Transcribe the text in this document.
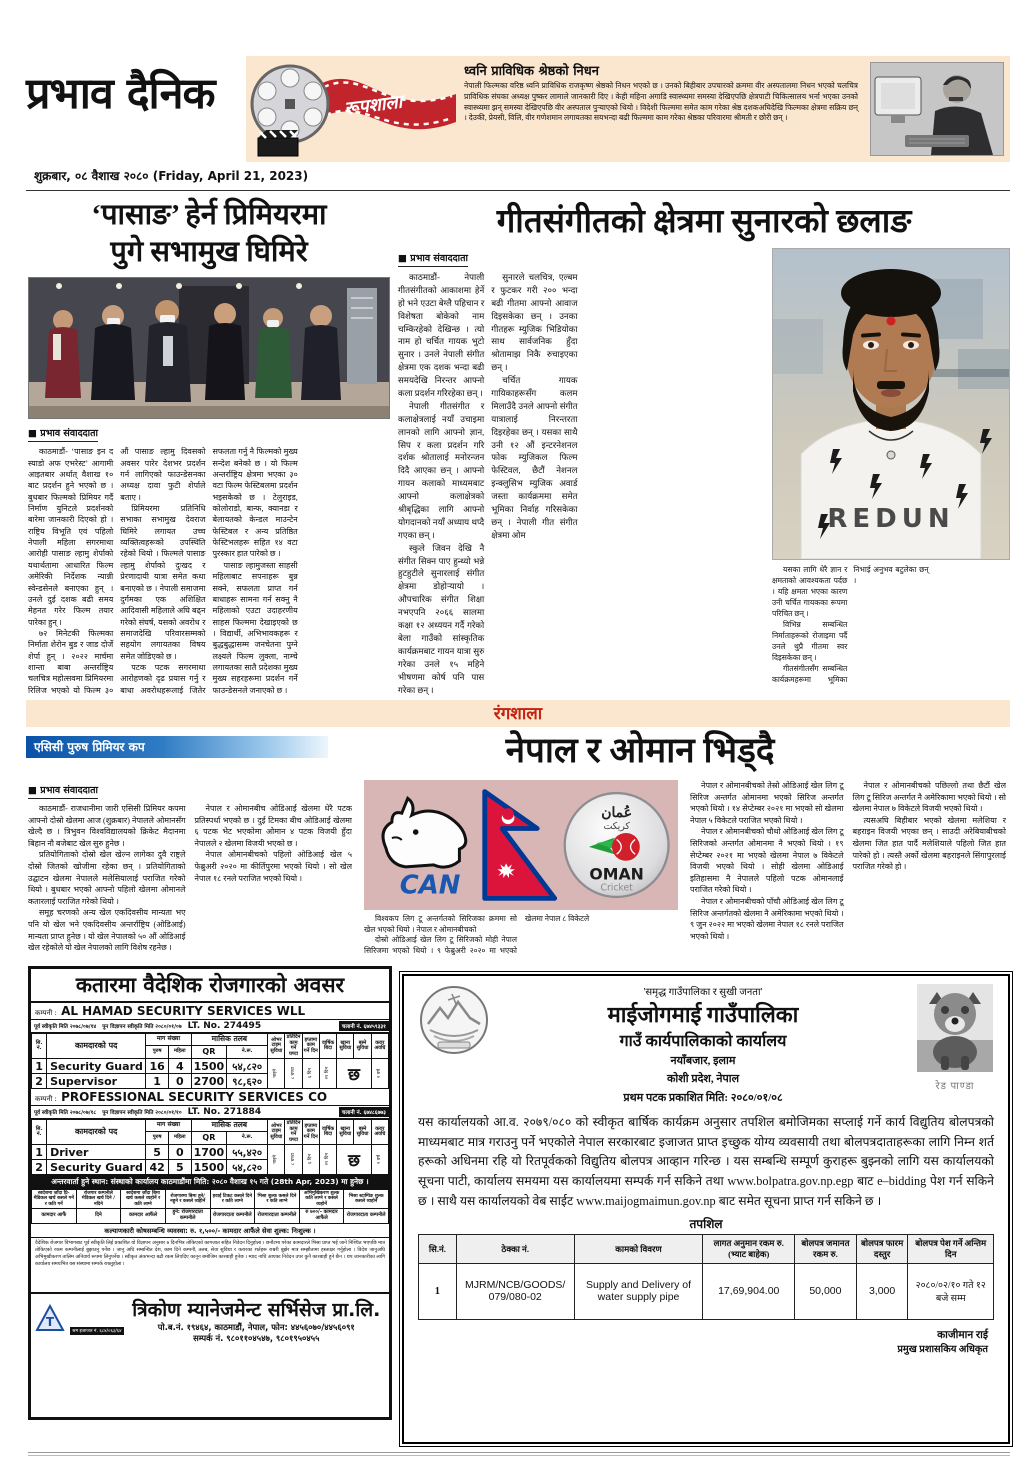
प्रभाव दैनिक	रूपशाला
ध्वनि प्राविधिक श्रेष्ठको निधन

नेपाली फिल्मका वरिष्ठ ध्वनि प्राविधिक राजकृष्ण श्रेष्ठको निधन भएको छ । उनको बिहीबार उपचारको क्रममा वीर अस्पतालमा निधन भएको चलचित्र प्राविधिक संघका अध्यक्ष पुष्कर लामाले जानकारी दिए । केही महिना अगाडि स्वास्थ्यमा समस्या देखिएपछि क्षेत्रपाटी चिकित्सालय भर्ना भएका उनको स्वास्थ्यमा झन् समस्या देखिएपछि वीर अस्पताल पुऱ्याएको थियो । विदेशी फिल्ममा समेत काम गरेका श्रेष्ठ दशकअघिदेखि फिल्मका क्षेत्रमा सक्रिय छन् । देउकी, प्रेयसी, विलि, वीर गणेशमान लगायतका सयभन्दा बढी फिल्ममा काम गरेका श्रेष्ठका परिवारमा श्रीमती र छोरी छन् ।

शुक्रबार, ०८ वैशाख २०८० (Friday, April 21, 2023)
‘पासाङ’ हेर्न प्रिमियरमा
पुगे सभामुख घिमिरे
■ प्रभाव संवाददाता

काठमाडौं- ‘पासाङ इन द स्याडो अफ एभरेस्ट’ आगामी आइतबार अर्थात् वैशाख १० बाट प्रदर्शन हुने भएको छ । बुधबार फिल्मको प्रिमियर गर्दै निर्माण युनिटले प्रदर्शनको बारेमा जानकारी दिएको हो । राष्ट्रिय विभूति एवं पहिलो नेपाली महिला सगरमाथा आरोही पासाङ ल्हामु शेर्पाको यथार्थतामा आधारित फिल्म अमेरिकी निर्देशक न्यान्नी स्वेन्डसेनले बनाएका हुन् । उनले दुई दशक बढी समय मेहनत गरेर फिल्म तयार पारेका हुन् ।

७२ मिनेटकी फिल्मका निर्माता शेरोन बुड र जाड दोर्जे शेर्पा हुन् । २०२२ मार्चमा शान्ता बाबा अन्तर्राष्ट्रिय चलचित्र महोत्सवमा प्रिमियरमा रिलिज भएको यो फिल्म ३० औं पासाङ ल्हामु दिवसको अवसर पारेर देशभर प्रदर्शन गर्न लागिएको फाउन्डेसनका अध्यक्ष दावा फुटी शेर्पाले बताए ।

प्रिमियरमा प्रतिनिधि सभाका सभामुख देवराज घिमिरे लगायत उच्च व्यक्तित्वहरूको उपस्थिति रहेको थियो । फिल्मले पासाङ ल्हामु शेर्पाको दुःखद र प्रेरणादायी यात्रा समेत कथा बनाएको छ । नेपाली समाजमा दुर्गमका एक अशिक्षित आदिवासी महिलाले अघि बढ्न गरेको संघर्ष, यसको अवरोध र समाजदेखि परिवारसम्मको सहयोग लगायतका विषय समेत जोडिएको छ ।

पटक पटक सगरमाथा आरोहणको दृढ प्रयास गर्नु र बाधा अवरोधहरूलाई जितेर सफलता गर्नु नै फिल्मको मुख्य सन्देश बनेको छ । यो फिल्म अन्तर्राष्ट्रिय क्षेत्रमा भएका ३० वटा फिल्म फेस्टिबलमा प्रदर्शन भइसकेको छ । टेलुराइड, कोलोराडो, बान्फ, क्यानडा र बेलायतको केन्डल माउन्टेन फेस्टिबल र अन्य प्रतिष्ठित फेस्टिभलहरू सहित १४ वटा पुरस्कार हात पारेको छ ।

पासाङ ल्हामुजस्ता साहसी महिलाबाट सपनाहरू बुन्न सक्ने, सफलता प्राप्त गर्न बाधाहरू सामना गर्न सक्नु नै महिलाको एउटा उदाहरणीय साहस फिल्ममा देखाइएको छ । विद्यार्थी, अभिभावकहरू र बुद्धबुद्धासम्म जनचेतना पुग्ने लक्ष्यले फिल्म लुक्ला, नाम्चे लगायतका सातै प्रदेशका मुख्य मुख्य सहरहरूमा प्रदर्शन गर्ने फाउन्डेसनले जनाएको छ ।

गीतसंगीतको क्षेत्रमा सुनारको छलाङ
■ प्रभाव संवाददाता

काठमाडौं- नेपाली गीतसंगीतको आकाशमा हेर्ने हो भने एउटा बेग्लै पहिचान र विशेषता बोकेको नाम चम्किरहेको देखिन्छ । त्यो नाम हो चर्चित गायक भुटो सुनार । उनले नेपाली संगीत क्षेत्रमा एक दशक भन्दा बढी समयदेखि निरन्तर आफ्नो कला प्रदर्शन गरिरहेका छन् ।

नेपाली गीतसंगीत र कलाक्षेत्रलाई नयाँ उचाइमा लानको लागि आफ्नो ज्ञान, सिप र कला प्रदर्शन गरि दर्शक श्रोतालाई मनोरन्जन दिदै आएका छन् । आफ्नो गायन कलाको माध्यमबाट आफ्नो कलाक्षेत्रको श्रीबृद्धिका लागि आफ्नो योगदानको नयाँ अध्याय थप्दै गएका छन् ।

स्कुले जिवन देखि नै संगीत सिक्न पाए हुन्थ्यो भन्ने हुटहुटीले सुनारलाई संगीत क्षेत्रमा डोहोऱ्यायो । औपचारिक संगीत शिक्षा नभएपनि २०६६ सालमा कक्षा १२ अध्ययन गर्दै गरेको बेला गाउँको सांस्कृतिक कार्यक्रमबाट गायन यात्रा सुरु गरेका उनले १५ महिने भीषणमा कोर्ष पनि पास गरेका छन् ।

सुनारले चलचित्र, एल्बम र फुटकर गरी २०० भन्दा बढी गीतमा आफ्नो आवाज दिइसकेका छन् । उनका गीतहरू म्युजिक भिडियोका साथ सार्वजनिक हुँदा श्रोतामाझ निकै रुचाइएका छन् ।

चर्चित गायक गायिकाहरूसँग कलम मिलाउँदै उनले आफ्नो संगीत यात्रालाई निरन्तरता दिइरहेका छन् । यसका साथै उनी १२ औं इन्टरनेशनल फोक म्युजिकल फिल्म फेस्टिवल, छैटौं नेशनल इन्क्लुसिभ म्युजिक अवार्ड जस्ता कार्यक्रममा समेत भूमिका निर्वाह गरिसकेका छन् । नेपाली गीत संगीत क्षेत्रमा ओम

REDUN

यसका लागि धेरै ज्ञान र क्षमताको आवश्यकता पर्दछ । यहि क्षमता भएका कारण उनी चर्चित गायकका रूपमा परिचित छन् ।

विभिन्न सम्बन्धित निर्माताहरूको रोजाइमा पर्दै उनले थुप्रै गीतमा स्वर दिइसकेका छन् ।

गीतसंगीतसँग सम्बन्धित कार्यक्रमहरूमा भूमिका निभाई अनुभव बटुलेका छन् ।

रंगशाला
एसिसी पुरुष प्रिमियर कप	नेपाल र ओमान भिड्दै
■ प्रभाव संवाददाता

काठमाडौं- राजधानीमा जारी एसिसी प्रिमियर कपमा आफ्नो दोस्रो खेलमा आज (शुक्रबार) नेपालले ओमानसँग खेल्दै छ । त्रिभुवन विश्वविद्यालयको क्रिकेट मैदानमा बिहान नौ बजेबाट खेल सुरु हुनेछ ।

प्रतियोगिताको दोस्रो खेल खेल्न लागेका दुवै राष्ट्रले दोस्रो जितको खोजीमा रहेका छन् । प्रतियोगिताको उद्घाटन खेलमा नेपालले मलेसियालाई पराजित गरेको थियो । बुधबार भएको आफ्नो पहिलो खेलमा ओमानले कतारलाई पराजित गरेको थियो ।

समूह चरणको अन्य खेल एकदिवसीय मान्यता भए पनि यो खेल भने एकदिवसीय अन्तर्राष्ट्रिय (ओडिआई) मान्यता प्राप्त हुनेछ । यो खेल नेपालको ५० औं ओडिआई खेल रहेकोले यो खेल नेपालको लागि विशेष रहनेछ ।

नेपाल र ओमानबीच ओडिआई खेलमा धेरै पटक प्रतिस्पर्धा भएको छ । दुई टिमका बीच ओडिआई खेलमा ६ पटक भेट भएकोमा ओमान ४ पटक विजयी हुँदा नेपालले २ खेलमा विजयी भएको छ ।

नेपाल ओमानबीचको पहिलो ओडिआई खेल ५ फेब्रुअरी २०२० मा कीर्तिपुरमा भएको थियो । सो खेल नेपाल १८ रनले पराजित भएको थियो ।	CAN
عُمان
كريكت
OMAN
Cricket

विश्वकप लिग टू अन्तर्गतको सिरिजका क्रममा सो खेल भएको थियो । नेपाल र ओमानबीचको

दोस्रो ओडिआई खेल लिग टू सिरिजको मोही नेपाल सिरिजमा भएको थियो । ९ फेब्रुअरी २०२० मा भएको खेलमा नेपाल ८ विकेटले

नेपाल र ओमानबीचको तेस्रो ओडिआई खेल लिग टू सिरिज अन्तर्गत ओमानमा भएको सिरिज अन्तर्गत भएको थियो । १४ सेप्टेम्बर २०२१ मा भएको सो खेलमा नेपाल ५ विकेटले पराजित भएको थियो ।

नेपाल र ओमानबीचको चौथो ओडिआई खेल लिग टू सिरिजको अन्तर्गत ओमानमा नै भएको थियो । १९ सेप्टेम्बर २०२१ मा भएको खेलमा नेपाल ७ विकेटले विजयी भएको थियो । सोही खेलमा ओडिआई इतिहासमा नै नेपालले पहिलो पटक ओमानलाई पराजित गरेको थियो ।

नेपाल र ओमानबीचको पाँचौ ओडिआई खेल लिग टू सिरिज अन्तर्गतको खेलमा नै अमेरिकामा भएको थियो । ९ जुन २०२२ मा भएको खेलमा नेपाल १८ रनले पराजित भएको थियो ।

नेपाल र ओमानबीचको पछिल्लो तथा छैटौं खेल लिग टू सिरिज अन्तर्गत नै अमेरिकामा भएको थियो । सो खेलमा नेपाल ७ विकेटले विजयी भएको थियो ।

त्यसअघि बिहीबार भएको खेलमा मलेशिया र बहराइन विजयी भएका छन् । साउदी अरेबियाबीचको खेलमा जित हात पार्दै मलेशियाले पहिलो जित हात पारेको हो । त्यस्तै अर्को खेलमा बहराइनले सिंगापुरलाई पराजित गरेको हो ।

कतारमा वैदेशिक रोजगारको अवसर
कम्पनी : AL HAMAD SECURITY SERVICES WLL
पूर्व स्वीकृति मिति २०७८/०७/१४	पुन विज्ञापन स्वीकृति मिति २०८०/०१/०७ LT. No. 274495	चलानी नं. ६७४५९३३१
सि. नं.	कामदारको पद	माग संख्या		मासिक तलब		ओभर टाइम सुविधा	प्रतिदिन काम गर्ने घण्टा	हप्तामा काम गर्ने दिन	वार्षिक बिदा	खाना सुविधा	बस्ने सुविधा	करार अवधि
		पुरुष	महिला	QR	ने.रू.							
1	Security Guard	16	4	1500	५४,८२०	पाइने	८ घण्टा	६ दिन	२१ दिन	छ		२ वर्ष

2	Supervisor	1	0	2700	९८,६२०							
कम्पनी : PROFESSIONAL SECURITY SERVICES CO
पूर्व स्वीकृति मिति २०७८/०७/१८	पुन विज्ञापन स्वीकृति मिति २०८०/०१/१० LT. No. 271884	चलानी नं. ६७४८६७७३
सि. नं.	कामदारको पद	माग संख्या		मासिक तलब		ओभर टाइम सुविधा	प्रतिदिन काम गर्ने घण्टा	हप्तामा काम गर्ने दिन	वार्षिक बिदा	खाना सुविधा	बस्ने सुविधा	करार अवधि
		पुरुष	महिला	QR	ने.रू.							
1	Driver	5	0	1700	५५,४२०	पाइने	८ घण्टा	६ दिन	२१ दिन	छ		२ वर्ष

2	Security Guard	42	5	1500	५४,८२०							
अन्तरवार्ता हुने स्थान: संस्थाको कार्यालय काठमाडौंमा मिति: २०८० वैशाख १५ गते (28th Apr, 2023) मा हुनेछ ।
स्वदेशमा जाँदा प्रि-मेडिकल खर्च कसले गर्ने र कति गर्ने	रोजगार कम्पनीले मेडिकल खर्च दिने / नदिने	स्वदेशमा जाँदा बिमा खर्च कसले व्यहोर्ने र कति लाग्ने	रोजगारमा बिमा हुने/नहुने र कसले व्यहोर्ने	हवाई टिकट कसले दिने र कति लाग्ने	भिसा शुल्क कसले दिने र कति लाग्ने	अभिमुखिकरण शुल्क कति लाग्ने र कसले व्यहोर्ने	भिसा स्टाम्पिङ शुल्क कसले व्यहोर्ने
कामदार आफैं	दिने	कामदार आफैंले	हुने: रोजगारदाता कम्पनीले	रोजगारदाता कम्पनीले	रोजगारदाता कम्पनीले	रु ७००/- कामदार आफैंले	रोजगारदाता कम्पनीले
कल्याणकारी कोषसम्बन्धि व्यवस्था: रु. १,५००/- कामदार आफैंले सेवा शुल्क: निःशुल्क ।
वैदेशिक रोजगार विभागबाट पूर्व स्वीकृति लिई प्रकाशित यो विज्ञापन अनुसार ७ दिनभित्र तोकिएको कागजात सहित निवेदन दिनुहोला । छनौटमा परेका कामदारले भिसा प्राप्त भई जाने निश्चित भएपछि मात्र तोकिएको रकम कम्पनीलाई बुझाउनु पर्नेछ । जानु अघि सम्बन्धित देश, काम दिने कम्पनी, तलब, सेवा सुविधा र करारका शर्तहरू राम्ररी बुझेर मात्र सम्झौतामा हस्ताक्षर गर्नुहोला । विदेश जानुअघि अभिमुखीकरण तालिम अनिवार्य रूपमा लिनुपर्नेछ । स्वीकृत अंकभन्दा बढी रकम लिएदिए कानून बमोजिम कारबाही हुनेछ । म्याद नाघि आएका निवेदन उपर कुनै कारबाही हुने छैन । थप जानकारीका लागि कार्यालय समयभित्र यस संस्थामा सम्पर्क राख्नुहोला ।
T
श्रम इजाजत नं. ६८४/०६३/६४
त्रिकोण म्यानेजमेन्ट सर्भिसेज प्रा.लि.
पो.ब.नं. १९४६४, काठमाडौं, नेपाल, फोन: ४४५६०७०/४४५६०९१
सम्पर्क नं. ९८०११०४५४७, ९८०१९५०४५५
'समृद्ध गाउँपालिका र सुखी जनता'
माईजोगमाई गाउँपालिका
गाउँ कार्यपालिकाको कार्यालय
नयाँबजार, इलाम
कोशी प्रदेश, नेपाल
प्रथम पटक प्रकाशित मिति: २०८०/०१/०८
रेड पाण्डा

यस कार्यालयको आ.व. २०७९/०८० को स्वीकृत बार्षिक कार्यक्रम अनुसार तपशिल बमोजिमका सप्लाई गर्ने कार्य विद्युतिय बोलपत्रको माध्यमबाट मात्र गराउनु पर्ने भएकोले नेपाल सरकारबाट इजाजत प्राप्त इच्छुक योग्य व्यवसायी तथा बोलपत्रदाताहरूका लागि निम्न शर्त हरूको अधिनमा रहि यो रितपूर्वकको विद्युतिय बोलपत्र आव्हान गरिन्छ । यस सम्बन्धि सम्पूर्ण कुराहरू बुझ्नको लागि यस कार्यालयको सूचना पाटी, कार्यालय समयमा यस कार्यालयमा सम्पर्क गर्न सकिने तथा www.bolpatra.gov.np.egp बाट e–bidding पेश गर्न सकिने छ । साथै यस कार्यालयको वेब साईट www.maijogmaimun.gov.np बाट समेत सूचना प्राप्त गर्न सकिने छ ।

तपशिल
सि.नं.	ठेक्का नं.	कामको विवरण	लागत अनुमान रकम रु. (भ्याट बाहेक)	बोलपत्र जमानत रकम रु.	बोलपत्र फारम दस्तुर	बोलपत्र पेश गर्ने अन्तिम दिन
1	MJRM/NCB/GOODS/ 079/080-02	Supply and Delivery of water supply pipe	17,69,904.00	50,000	3,000	२०८०/०२/१० गते १२ बजे सम्म
काजीमान राई
प्रमुख प्रशासकिय अधिकृत
